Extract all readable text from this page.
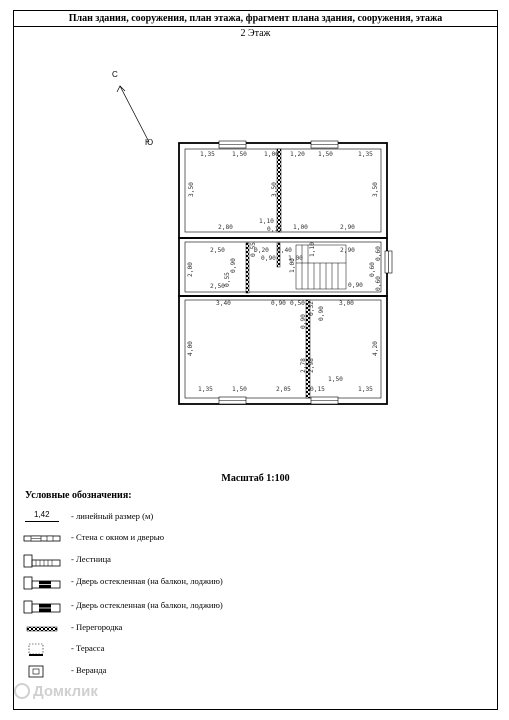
План здания, сооружения, план этажа, фрагмент плана здания, сооружения, этажа
2 Этаж
С
Ю
1,35	1,50	1,00 1,20 1,50	1,35
3,50	3,50	3,50
2,80
1,10
0,15 1,00	2,90
2,50	0,20 0,40	2,90
0,90 1,00
2,00	0,90
0,55
0,55
1,00
1,10
0,90
0,60
0,60
0,60
2,50
3,40	0,90 0,50	3,00
0,32
0,90
0,90
4,00
2,78 2,98
4,20
1,50
1,35	1,50	2,05	0,15	1,35
Масштаб 1:100
Условные обозначения:
1,42 - линейный размер (м)
- Стена с окном и дверью
- Лестница
- Дверь остекленная (на балкон, лоджию)
- Дверь остекленная (на балкон, лоджию)
- Перегородка
- Терасса
- Веранда
Домклик
